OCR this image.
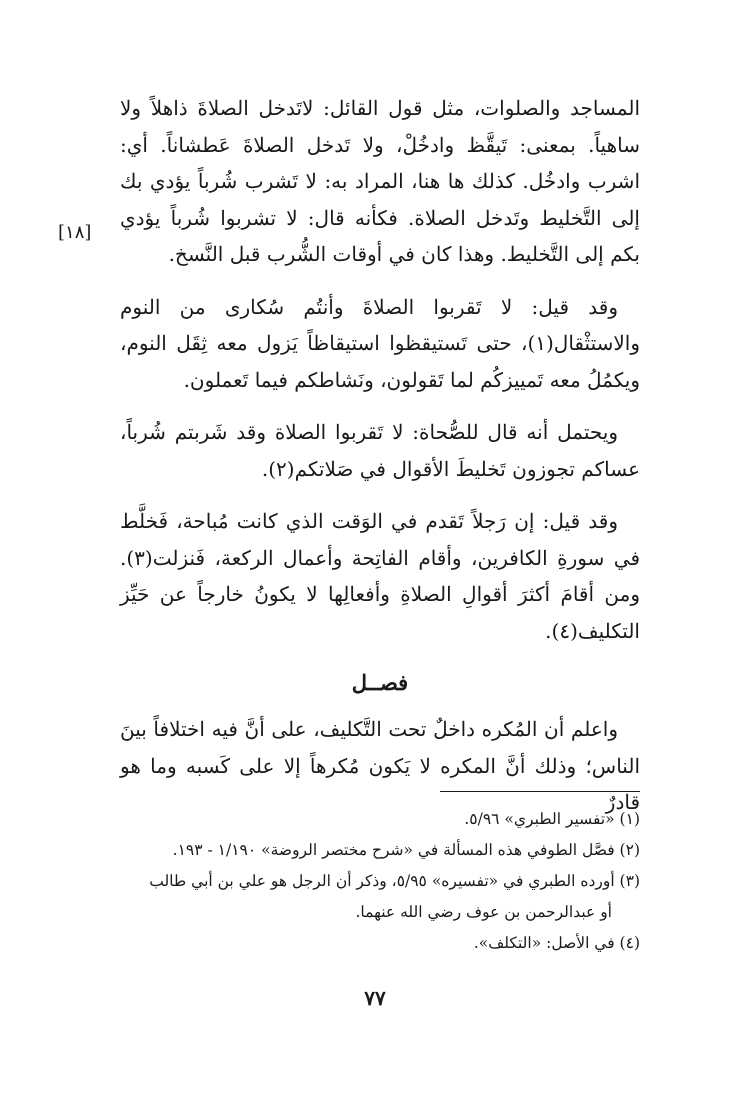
[١٨]

المساجد والصلوات، مثل قول القائل: لاتَدخل الصلاةَ ذاهلاً ولا ساهياً. بمعنى: تَيقَّظ وادخُلْ، ولا تَدخل الصلاةَ عَطشاناً. أي: اشرب وادخُل. كذلك ها هنا، المراد به: لا تَشرب شُرباً يؤدي بك إلى التَّخليط وتَدخل الصلاة. فكأنه قال: لا تشربوا شُرباً يؤدي بكم إلى التَّخليط. وهذا كان في أوقات الشُّرب قبل النَّسخ.

وقد قيل: لا تَقربوا الصلاةَ وأنتُم سُكارى من النوم والاستثْقال(١)، حتى تَستيقظوا استيقاظاً يَزول معه ثِقَل النوم، ويكمُلُ معه تَمييزكُم لما تَقولون، ونَشاطكم فيما تَعملون.

ويحتمل أنه قال للصُّحاة: لا تَقربوا الصلاة وقد شَربتم شُرباً، عساكم تجوزون تَخليطَ الأقوال في صَلاتكم(٢).

وقد قيل: إن رَجلاً تَقدم في الوَقت الذي كانت مُباحة، فَخلَّط في سورةِ الكافرين، وأقام الفاتِحة وأعمال الركعة، فَنزلت(٣). ومن أقامَ أكثرَ أقوالِ الصلاةِ وأفعالِها لا يكونُ خارجاً عن حَيِّز التكليف(٤).

فصــل

واعلم أن المُكره داخلٌ تحت التَّكليف، على أنَّ فيه اختلافاً بينَ الناس؛ وذلك أنَّ المكره لا يَكون مُكرهاً إلا على كَسبه وما هو قادرٌ

(١) «تفسير الطبري» ٥/٩٦.

(٢) فصَّل الطوفي هذه المسألة في «شرح مختصر الروضة» ١/١٩٠ - ١٩٣.

(٣) أورده الطبري في «تفسيره» ٥/٩٥، وذكر أن الرجل هو علي بن أبي طالب
أو عبدالرحمن بن عوف رضي الله عنهما.

(٤) في الأصل: «التكلف».

٧٧
